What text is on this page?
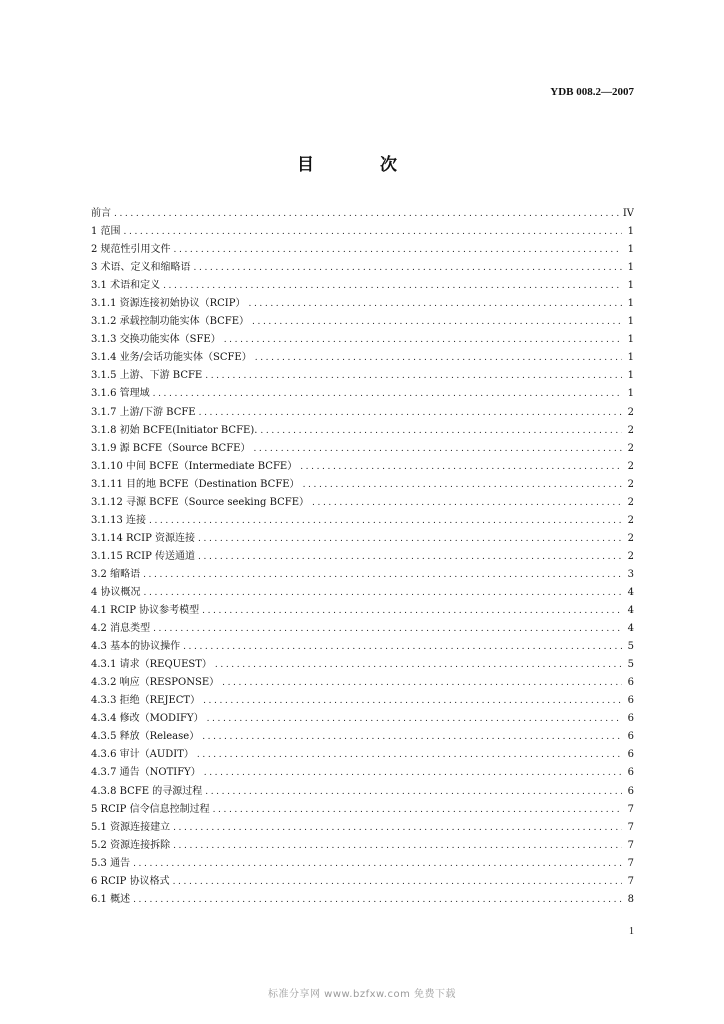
YDB 008.2—2007
目 次
前言 .....	IV
1 范围 .....	1
2 规范性引用文件 .....	1
3 术语、定义和缩略语 .....	1
3.1 术语和定义 .....	1
3.1.1 资源连接初始协议（RCIP） .....	1
3.1.2 承载控制功能实体（BCFE） .....	1
3.1.3 交换功能实体（SFE） .....	1
3.1.4 业务/会话功能实体（SCFE） .....	1
3.1.5 上游、下游 BCFE .....	1
3.1.6 管理域 .....	1
3.1.7 上游/下游 BCFE .....	2
3.1.8 初始 BCFE(Initiator BCFE). .....	2
3.1.9 源 BCFE（Source BCFE） .....	2
3.1.10 中间 BCFE（Intermediate BCFE） .....	2
3.1.11 目的地 BCFE（Destination BCFE） .....	2
3.1.12 寻源 BCFE（Source seeking BCFE） .....	2
3.1.13 连接 .....	2
3.1.14 RCIP 资源连接 .....	2
3.1.15 RCIP 传送通道 .....	2
3.2 缩略语 .....	3
4 协议概况 .....	4
4.1 RCIP 协议参考模型 .....	4
4.2 消息类型 .....	4
4.3 基本的协议操作 .....	5
4.3.1 请求（REQUEST） .....	5
4.3.2 响应（RESPONSE） .....	6
4.3.3 拒绝（REJECT） .....	6
4.3.4 修改（MODIFY） .....	6
4.3.5 释放（Release） .....	6
4.3.6 审计（AUDIT） .....	6
4.3.7 通告（NOTIFY） .....	6
4.3.8 BCFE 的寻源过程 .....	6
5 RCIP 信令信息控制过程 .....	7
5.1 资源连接建立 .....	7
5.2 资源连接拆除 .....	7
5.3 通告 .....	7
6 RCIP 协议格式 .....	7
6.1 概述 .....	8
1
标准分享网 www.bzfxw.com 免费下载
